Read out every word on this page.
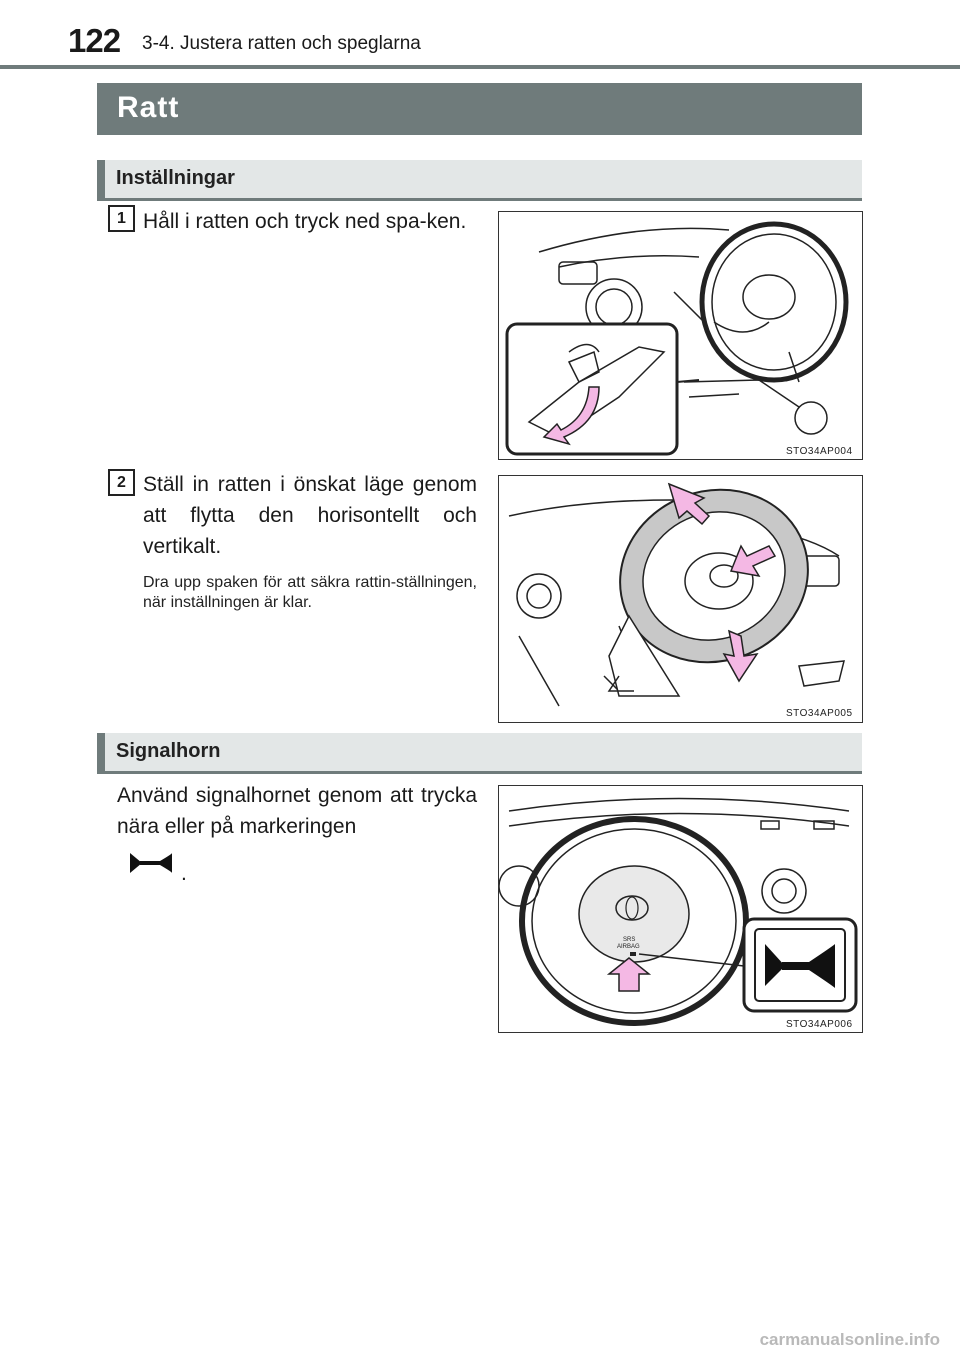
122 3-4. Justera ratten och speglarna
Ratt
Inställningar
1 Håll i ratten och tryck ned spa-ken.
STO34AP004
2 Ställ in ratten i önskat läge genom att flytta den horisontellt och vertikalt.
Dra upp spaken för att säkra rattin-ställningen, när inställningen är klar.
STO34AP005
Signalhorn
Använd signalhornet genom att trycka nära eller på markeringen
.
SRS
AIRBAG
STO34AP006
carmanualsonline.info
